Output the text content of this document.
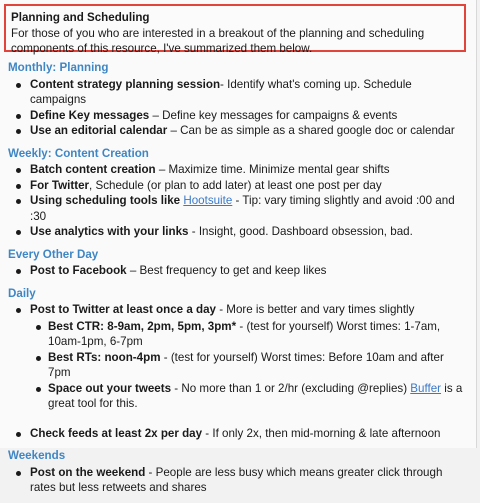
Planning and Scheduling
For those of you who are interested in a breakout of the planning and scheduling components of this resource, I've summarized them below.
Monthly: Planning
Content strategy planning session- Identify what's coming up. Schedule campaigns
Define Key messages – Define key messages for campaigns & events
Use an editorial calendar – Can be as simple as a shared google doc or calendar
Weekly: Content Creation
Batch content creation – Maximize time. Minimize mental gear shifts
For Twitter, Schedule (or plan to add later) at least one post per day
Using scheduling tools like Hootsuite - Tip: vary timing slightly and avoid :00 and :30
Use analytics with your links - Insight, good. Dashboard obsession, bad.
Every Other Day
Post to Facebook – Best frequency to get and keep likes
Daily
Post to Twitter at least once a day - More is better and vary times slightly
Best CTR: 8-9am, 2pm, 5pm, 3pm* - (test for yourself) Worst times: 1-7am, 10am-1pm, 6-7pm
Best RTs: noon-4pm - (test for yourself) Worst times: Before 10am and after 7pm
Space out your tweets - No more than 1 or 2/hr (excluding @replies) Buffer is a great tool for this.
Check feeds at least 2x per day - If only 2x, then mid-morning & late afternoon
Weekends
Post on the weekend - People are less busy which means greater click through rates but less retweets and shares
